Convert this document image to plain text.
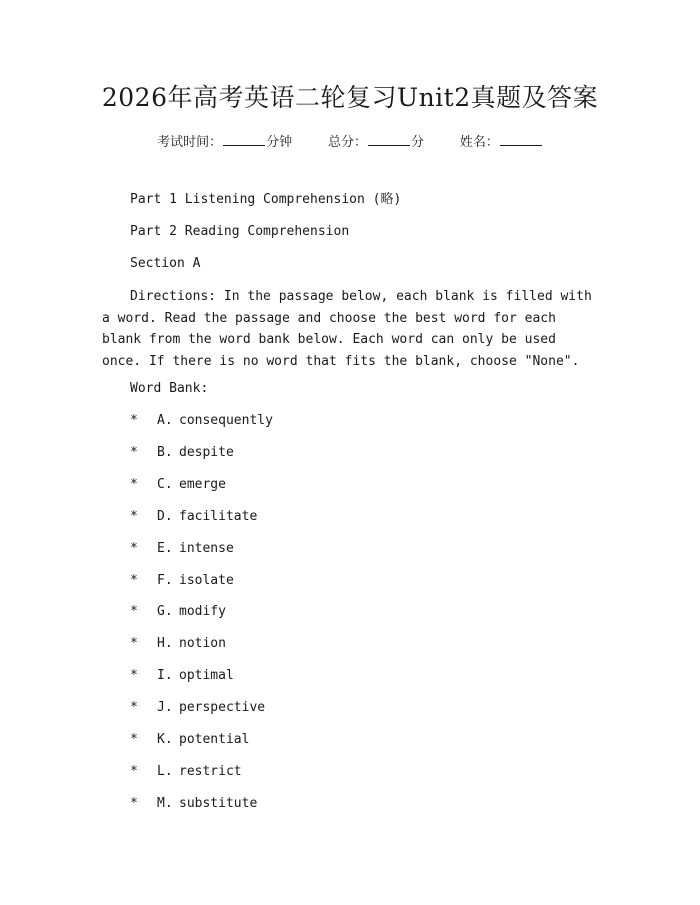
2026年高考英语二轮复习Unit2真题及答案
考试时间：	分钟	总分：	分	姓名：
Part 1 Listening Comprehension (略)
Part 2 Reading Comprehension
Section A

Directions: In the passage below, each blank is filled with a word. Read the passage and choose the best word for each blank from the word bank below. Each word can only be used once. If there is no word that fits the blank, choose "None".

Word Bank:
* A. consequently
* B. despite
* C. emerge
* D. facilitate
* E. intense
* F. isolate
* G. modify
* H. notion
* I. optimal
* J. perspective
* K. potential
* L. restrict
* M. substitute
